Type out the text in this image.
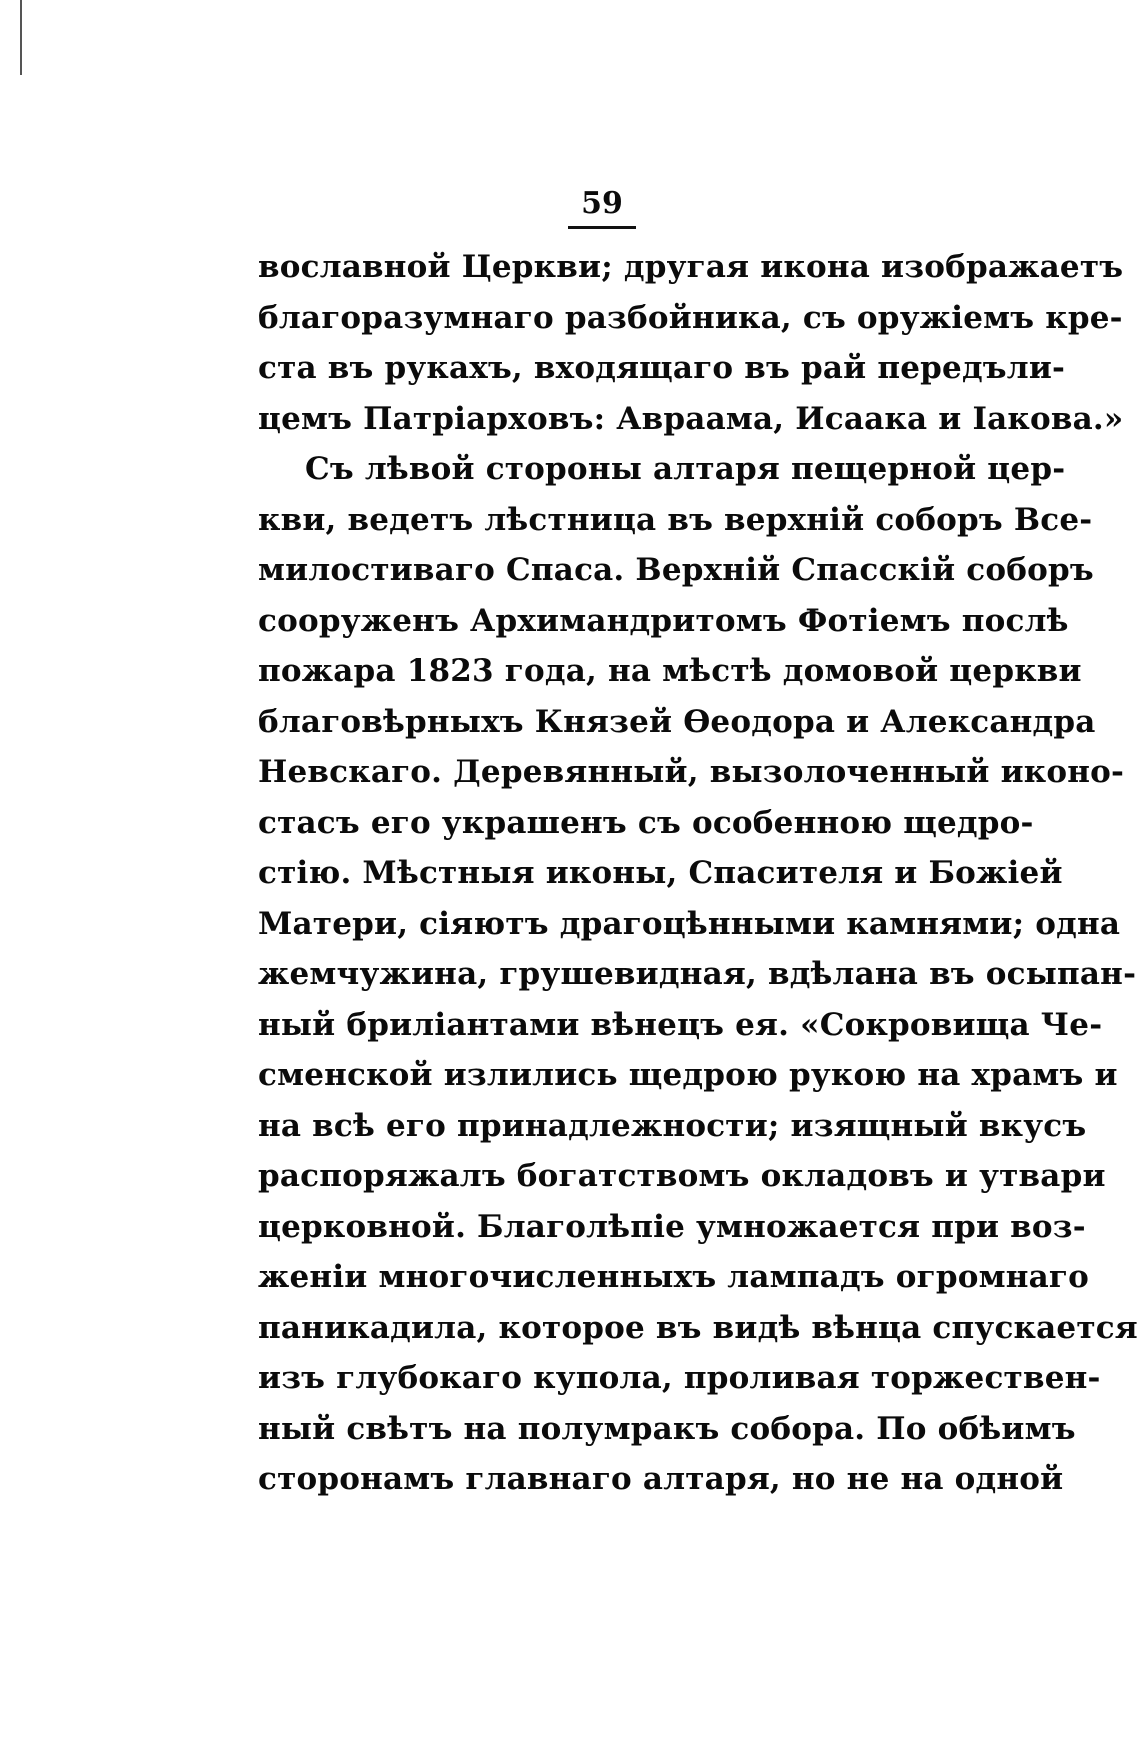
59
вославной Церкви; другая икона изображаетъ
благоразумнаго разбойника, съ оружіемъ кре-
ста въ рукахъ, входящаго въ рай передъли-
цемъ Патріарховъ: Авраама, Исаака и Іакова.»
Съ лѣвой стороны алтаря пещерной цер-
кви, ведетъ лѣстница въ верхній соборъ Все-
милостиваго Спаса. Верхній Спасскій соборъ
сооруженъ Архимандритомъ Фотіемъ послѣ
пожара 1823 года, на мѣстѣ домовой церкви
благовѣрныхъ Князей Ѳеодора и Александра
Невскаго. Деревянный, вызолоченный иконо-
стасъ его украшенъ съ особенною щедро-
стію. Мѣстныя иконы, Спасителя и Божіей
Матери, сіяютъ драгоцѣнными камнями; одна
жемчужина, грушевидная, вдѣлана въ осыпан-
ный бриліантами вѣнецъ ея. «Сокровища Че-
сменской излились щедрою рукою на храмъ и
на всѣ его принадлежности; изящный вкусъ
распоряжалъ богатствомъ окладовъ и утвари
церковной. Благолѣпіе умножается при воз-
женіи многочисленныхъ лампадъ огромнаго
паникадила, которое въ видѣ вѣнца спускается
изъ глубокаго купола, проливая торжествен-
ный свѣтъ на полумракъ собора. По обѣимъ
сторонамъ главнаго алтаря, но не на одной
